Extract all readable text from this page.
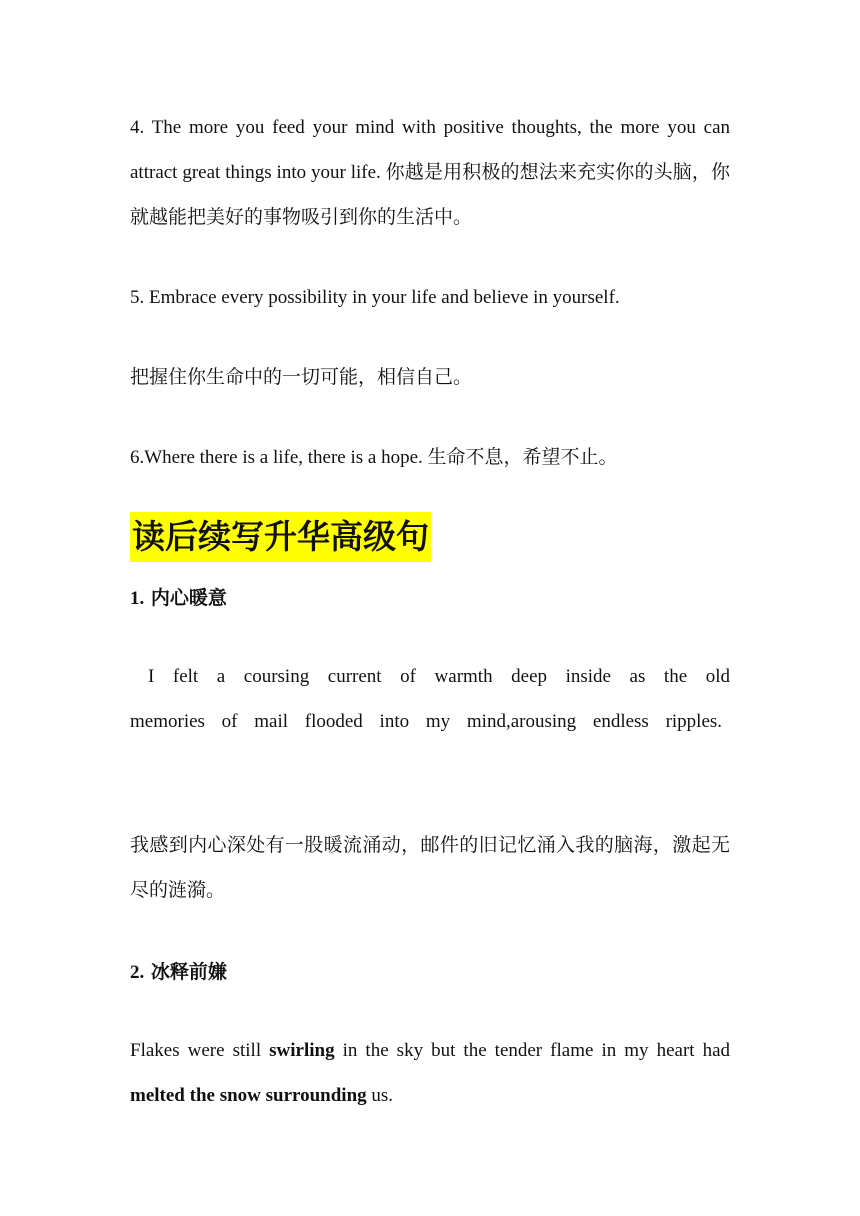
4. The more you feed your mind with positive thoughts, the more you can attract great things into your life. 你越是用积极的想法来充实你的头脑，你就越能把美好的事物吸引到你的生活中。

5. Embrace every possibility in your life and believe in yourself.

把握住你生命中的一切可能，相信自己。

6.Where there is a life, there is a hope. 生命不息，希望不止。

读后续写升华高级句

1. 内心暖意

I felt a coursing current of warmth deep inside as the old memories of mail flooded into my mind,arousing endless ripples.

我感到内心深处有一股暖流涌动，邮件的旧记忆涌入我的脑海，激起无尽的涟漪。

2. 冰释前嫌

Flakes were still swirling in the sky but the tender flame in my heart had melted the snow surrounding us.
